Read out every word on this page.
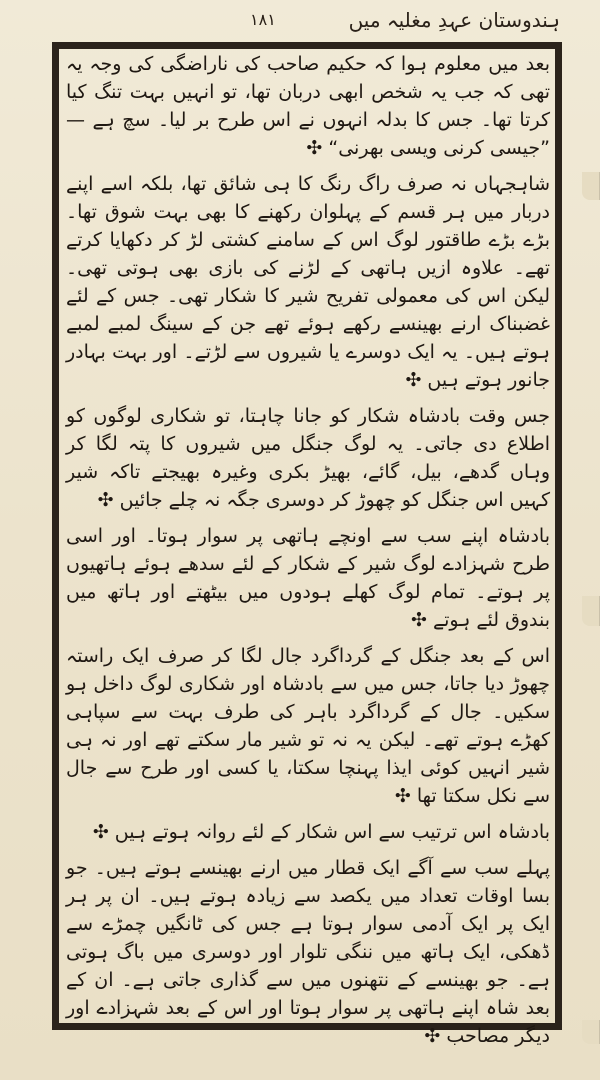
۱۸۱	ہندوستان عہدِ مغلیہ میں

بعد میں معلوم ہوا کہ حکیم صاحب کی ناراضگی کی وجہ یہ تھی کہ جب یہ شخص ابھی دربان تھا، تو انہیں بہت تنگ کیا کرتا تھا۔ جس کا بدلہ انہوں نے اس طرح بر لیا۔ سچ ہے — ”جیسی کرنی ویسی بھرنی“ ✣

شاہجہاں نہ صرف راگ رنگ کا ہی شائق تھا، بلکہ اسے اپنے دربار میں ہر قسم کے پہلوان رکھنے کا بھی بہت شوق تھا۔ بڑے بڑے طاقتور لوگ اس کے سامنے کشتی لڑ کر دکھایا کرتے تھے۔ علاوہ ازیں ہاتھی کے لڑنے کی بازی بھی ہوتی تھی۔ لیکن اس کی معمولی تفریح شیر کا شکار تھی۔ جس کے لئے غضبناک ارنے بھینسے رکھے ہوئے تھے جن کے سینگ لمبے لمبے ہوتے ہیں۔ یہ ایک دوسرے یا شیروں سے لڑتے۔ اور بہت بہادر جانور ہوتے ہیں ✣

جس وقت بادشاہ شکار کو جانا چاہتا، تو شکاری لوگوں کو اطلاع دی جاتی۔ یہ لوگ جنگل میں شیروں کا پتہ لگا کر وہاں گدھے، بیل، گائے، بھیڑ بکری وغیرہ بھیجتے تاکہ شیر کہیں اس جنگل کو چھوڑ کر دوسری جگہ نہ چلے جائیں ✣

بادشاہ اپنے سب سے اونچے ہاتھی پر سوار ہوتا۔ اور اسی طرح شہزادے لوگ شیر کے شکار کے لئے سدھے ہوئے ہاتھیوں پر ہوتے۔ تمام لوگ کھلے ہودوں میں بیٹھتے اور ہاتھ میں بندوق لئے ہوتے ✣

اس کے بعد جنگل کے گرداگرد جال لگا کر صرف ایک راستہ چھوڑ دیا جاتا، جس میں سے بادشاہ اور شکاری لوگ داخل ہو سکیں۔ جال کے گرداگرد باہر کی طرف بہت سے سپاہی کھڑے ہوتے تھے۔ لیکن یہ نہ تو شیر مار سکتے تھے اور نہ ہی شیر انہیں کوئی ایذا پہنچا سکتا، یا کسی اور طرح سے جال سے نکل سکتا تھا ✣

بادشاہ اس ترتیب سے اس شکار کے لئے روانہ ہوتے ہیں ✣

پہلے سب سے آگے ایک قطار میں ارنے بھینسے ہوتے ہیں۔ جو بسا اوقات تعداد میں یکصد سے زیادہ ہوتے ہیں۔ ان پر ہر ایک پر ایک آدمی سوار ہوتا ہے جس کی ٹانگیں چمڑے سے ڈھکی، ایک ہاتھ میں ننگی تلوار اور دوسری میں باگ ہوتی ہے۔ جو بھینسے کے نتھنوں میں سے گذاری جاتی ہے۔ ان کے بعد شاہ اپنے ہاتھی پر سوار ہوتا اور اس کے بعد شہزادے اور دیگر مصاحب ✣
